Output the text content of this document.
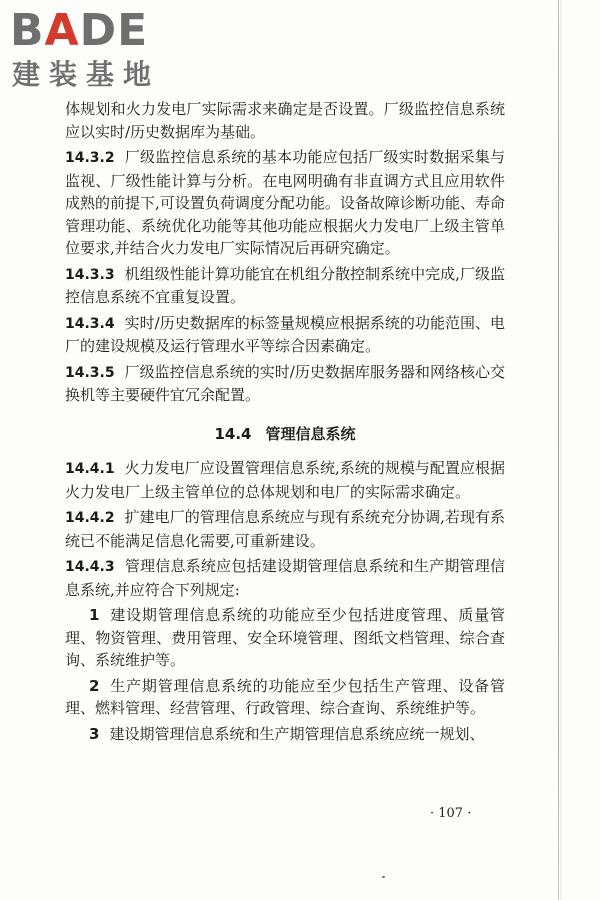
BADE
建装基地

体规划和火力发电厂实际需求来确定是否设置。厂级监控信息系统应以实时/历史数据库为基础。

14.3.2 厂级监控信息系统的基本功能应包括厂级实时数据采集与监视、厂级性能计算与分析。在电网明确有非直调方式且应用软件成熟的前提下,可设置负荷调度分配功能。设备故障诊断功能、寿命管理功能、系统优化功能等其他功能应根据火力发电厂上级主管单位要求,并结合火力发电厂实际情况后再研究确定。

14.3.3 机组级性能计算功能宜在机组分散控制系统中完成,厂级监控信息系统不宜重复设置。

14.3.4 实时/历史数据库的标签量规模应根据系统的功能范围、电厂的建设规模及运行管理水平等综合因素确定。

14.3.5 厂级监控信息系统的实时/历史数据库服务器和网络核心交换机等主要硬件宜冗余配置。

14.4 管理信息系统

14.4.1 火力发电厂应设置管理信息系统,系统的规模与配置应根据火力发电厂上级主管单位的总体规划和电厂的实际需求确定。

14.4.2 扩建电厂的管理信息系统应与现有系统充分协调,若现有系统已不能满足信息化需要,可重新建设。

14.4.3 管理信息系统应包括建设期管理信息系统和生产期管理信息系统,并应符合下列规定:

1 建设期管理信息系统的功能应至少包括进度管理、质量管理、物资管理、费用管理、安全环境管理、图纸文档管理、综合查询、系统维护等。

2 生产期管理信息系统的功能应至少包括生产管理、设备管理、燃料管理、经营管理、行政管理、综合查询、系统维护等。

3 建设期管理信息系统和生产期管理信息系统应统一规划、

· 107 ·
